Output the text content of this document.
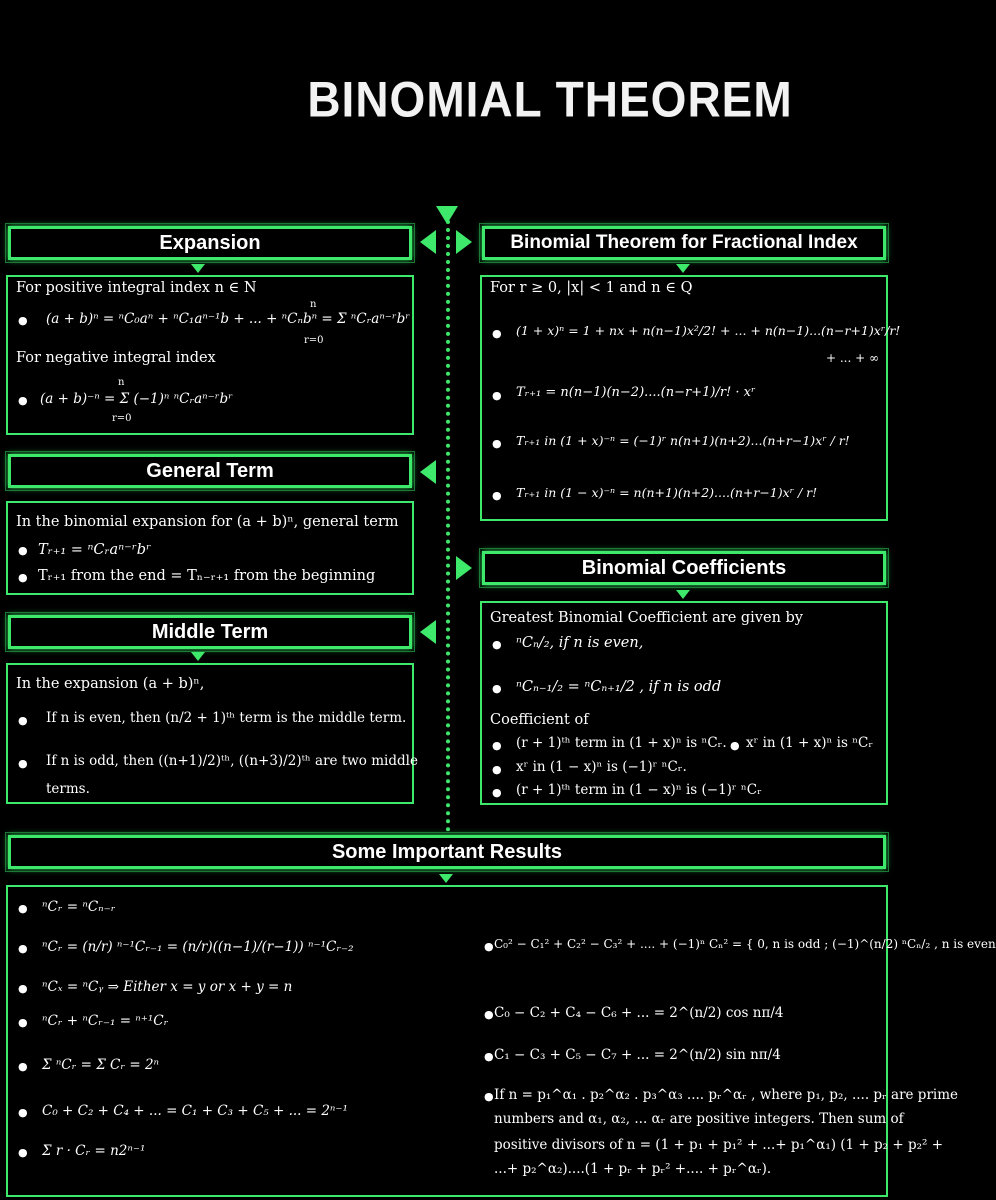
BINOMIAL THEOREM
Expansion
For positive integral index n ∈ N
● (a + b)ⁿ = ⁿC₀aⁿ + ⁿC₁aⁿ⁻¹b + ... + ⁿCₙbⁿ = Σ ⁿCᵣaⁿ⁻ʳbʳ
n
r=0
For negative integral index
● (a + b)⁻ⁿ = Σ (−1)ⁿ ⁿCᵣaⁿ⁻ʳbʳ
n
r=0
Binomial Theorem for Fractional Index
For r ≥ 0, |x| < 1 and n ∈ Q
● (1 + x)ⁿ = 1 + nx + n(n−1)x²/2! + ... + n(n−1)...(n−r+1)xʳ/r!
+ ... + ∞
● Tᵣ₊₁ = n(n−1)(n−2)....(n−r+1)/r! · xʳ
● Tᵣ₊₁ in (1 + x)⁻ⁿ = (−1)ʳ n(n+1)(n+2)...(n+r−1)xʳ / r!
● Tᵣ₊₁ in (1 − x)⁻ⁿ = n(n+1)(n+2)....(n+r−1)xʳ / r!
General Term
In the binomial expansion for (a + b)ⁿ, general term
● Tᵣ₊₁ = ⁿCᵣaⁿ⁻ʳbʳ
● Tᵣ₊₁ from the end = Tₙ₋ᵣ₊₁ from the beginning	Binomial Coefficients
Greatest Binomial Coefficient are given by
● ⁿCₙ/₂, if n is even,
● ⁿCₙ₋₁/₂ = ⁿCₙ₊₁/2 , if n is odd
Coefficient of
● (r + 1)ᵗʰ term in (1 + x)ⁿ is ⁿCᵣ. ● xʳ in (1 + x)ⁿ is ⁿCᵣ
● xʳ in (1 − x)ⁿ is (−1)ʳ ⁿCᵣ.
● (r + 1)ᵗʰ term in (1 − x)ⁿ is (−1)ʳ ⁿCᵣ
Middle Term
In the expansion (a + b)ⁿ,
● If n is even, then (n/2 + 1)ᵗʰ term is the middle term.
● If n is odd, then ((n+1)/2)ᵗʰ, ((n+3)/2)ᵗʰ are two middle
terms.
Some Important Results
● ⁿCᵣ = ⁿCₙ₋ᵣ
● ⁿCᵣ = (n/r) ⁿ⁻¹Cᵣ₋₁ = (n/r)((n−1)/(r−1)) ⁿ⁻¹Cᵣ₋₂
● ⁿCₓ = ⁿCᵧ ⇒ Either x = y or x + y = n
● ⁿCᵣ + ⁿCᵣ₋₁ = ⁿ⁺¹Cᵣ
● Σ ⁿCᵣ = Σ Cᵣ = 2ⁿ
● C₀ + C₂ + C₄ + ... = C₁ + C₃ + C₅ + ... = 2ⁿ⁻¹
● Σ r · Cᵣ = n2ⁿ⁻¹
● C₀² − C₁² + C₂² − C₃² + .... + (−1)ⁿ Cₙ² = { 0, n is odd ; (−1)^(n/2) ⁿCₙ/₂ , n is even
● C₀ − C₂ + C₄ − C₆ + ... = 2^(n/2) cos nπ/4
● C₁ − C₃ + C₅ − C₇ + ... = 2^(n/2) sin nπ/4
● If n = p₁^α₁ . p₂^α₂ . p₃^α₃ .... pᵣ^αᵣ , where p₁, p₂, .... pᵣ are prime
numbers and α₁, α₂, ... αᵣ are positive integers. Then sum of
positive divisors of n = (1 + p₁ + p₁² + ...+ p₁^α₁) (1 + p₂ + p₂² +
...+ p₂^α₂)....(1 + pᵣ + pᵣ² +.... + pᵣ^αᵣ).
